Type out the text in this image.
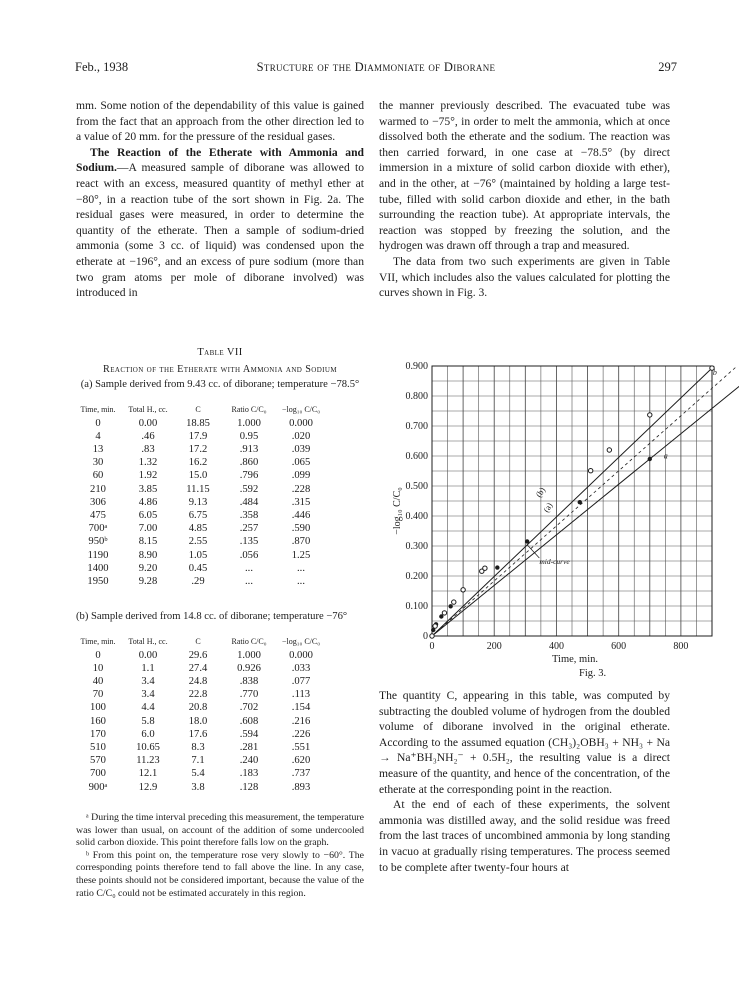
Feb., 1938	Structure of the Diammoniate of Diborane	297

mm. Some notion of the dependability of this value is gained from the fact that an approach from the other direction led to a value of 20 mm. for the pressure of the residual gases.

The Reaction of the Etherate with Ammonia and Sodium.—A measured sample of diborane was allowed to react with an excess, measured quantity of methyl ether at −80°, in a reaction tube of the sort shown in Fig. 2a. The residual gases were measured, in order to determine the quantity of the etherate. Then a sample of sodium-dried ammonia (some 3 cc. of liquid) was condensed upon the etherate at −196°, and an excess of pure sodium (more than two gram atoms per mole of diborane involved) was introduced in

Table VII
Reaction of the Etherate with Ammonia and Sodium
(a) Sample derived from 9.43 cc. of diborane; temperature −78.5°
Time, min.	Total H., cc.	C	Ratio C/C₀	−log₁₀ C/C₀
0	0.00	18.85	1.000	0.000
4	.46	17.9	0.95	.020
13	.83	17.2	.913	.039
30	1.32	16.2	.860	.065
60	1.92	15.0	.796	.099
210	3.85	11.15	.592	.228
306	4.86	9.13	.484	.315
475	6.05	6.75	.358	.446
700ᵃ	7.00	4.85	.257	.590
950ᵇ	8.15	2.55	.135	.870
1190	8.90	1.05	.056	1.25
1400	9.20	0.45	...	...
1950	9.28	.29	...	...
(b) Sample derived from 14.8 cc. of diborane; temperature −76°
Time, min.	Total H., cc.	C	Ratio C/C₀	−log₁₀ C/C₀
0	0.00	29.6	1.000	0.000
10	1.1	27.4	0.926	.033
40	3.4	24.8	.838	.077
70	3.4	22.8	.770	.113
100	4.4	20.8	.702	.154
160	5.8	18.0	.608	.216
170	6.0	17.6	.594	.226
510	10.65	8.3	.281	.551
570	11.23	7.1	.240	.620
700	12.1	5.4	.183	.737
900ᵃ	12.9	3.8	.128	.893

ᵃ During the time interval preceding this measurement, the temperature was lower than usual, on account of the addition of some undercooled solid carbon dioxide. This point therefore falls low on the graph.

ᵇ From this point on, the temperature rose very slowly to −60°. The corresponding points therefore tend to fall above the line. In any case, these points should not be considered important, because the value of the ratio C/C₀ could not be estimated accurately in this region.

the manner previously described. The evacuated tube was warmed to −75°, in order to melt the ammonia, which at once dissolved both the etherate and the sodium. The reaction was then carried forward, in one case at −78.5° (by direct immersion in a mixture of solid carbon dioxide with ether), and in the other, at −76° (maintained by holding a large test-tube, filled with solid carbon dioxide and ether, in the bath surrounding the reaction tube). At appropriate intervals, the reaction was stopped by freezing the solution, and the hydrogen was drawn off through a trap and measured.

The data from two such experiments are given in Table VII, which includes also the values calculated for plotting the curves shown in Fig. 3.

0
0.100
0.200
0.300
0.400
0.500
0.600
0.700
0.800
0.900
0	200	400	600	800
−log₁₀ C/C₀
a
b
(a)
(b)
mid-curve
Time, min.
Fig. 3.

The quantity C, appearing in this table, was computed by subtracting the doubled volume of hydrogen from the doubled volume of diborane involved in the original etherate. According to the assumed equation (CH₃)₂OBH₃ + NH₃ + Na → Na⁺BH₃NH₂⁻ + 0.5H₂, the resulting value is a direct measure of the quantity, and hence of the concentration, of the etherate at the corresponding point in the reaction.

At the end of each of these experiments, the solvent ammonia was distilled away, and the solid residue was freed from the last traces of uncombined ammonia by long standing in vacuo at gradually rising temperatures. The process seemed to be complete after twenty-four hours at
